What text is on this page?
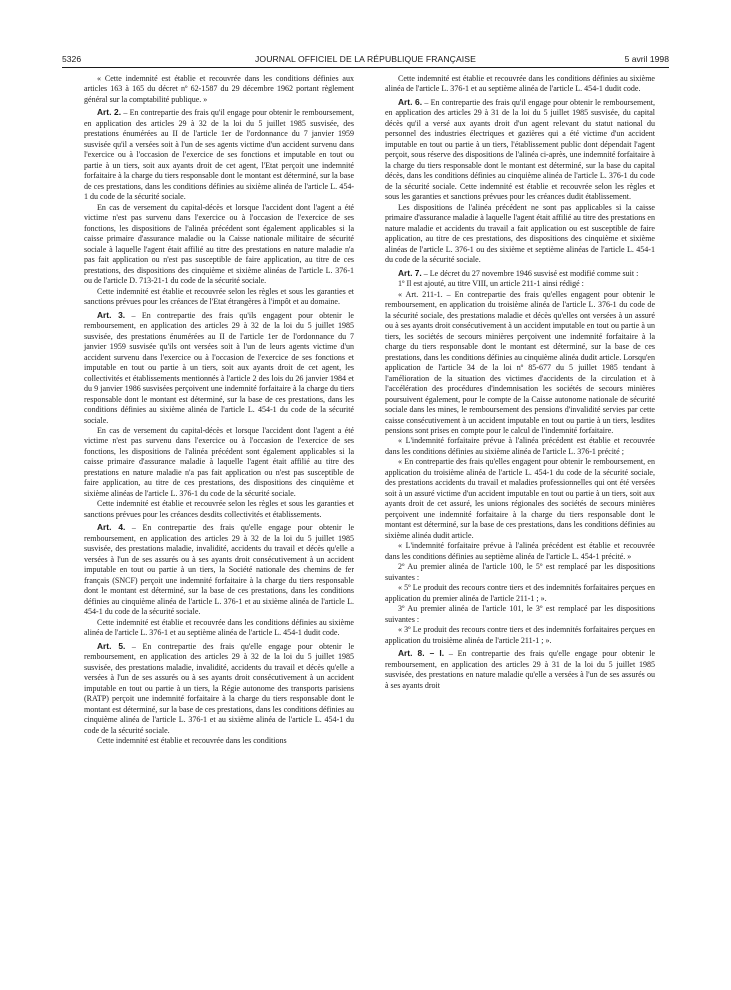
5326	JOURNAL OFFICIEL DE LA RÉPUBLIQUE FRANÇAISE	5 avril 1998

« Cette indemnité est établie et recouvrée dans les conditions définies aux articles 163 à 165 du décret nº 62-1587 du 29 décembre 1962 portant règlement général sur la comptabilité publique. »

Art. 2. – En contrepartie des frais qu'il engage pour obtenir le remboursement, en application des articles 29 à 32 de la loi du 5 juillet 1985 susvisée, des prestations énumérées au II de l'article 1er de l'ordonnance du 7 janvier 1959 susvisée qu'il a versées soit à l'un de ses agents victime d'un accident survenu dans l'exercice ou à l'occasion de l'exercice de ses fonctions et imputable en tout ou partie à un tiers, soit aux ayants droit de cet agent, l'Etat perçoit une indemnité forfaitaire à la charge du tiers responsable dont le montant est déterminé, sur la base de ces prestations, dans les conditions définies au sixième alinéa de l'article L. 454-1 du code de la sécurité sociale.

En cas de versement du capital-décès et lorsque l'accident dont l'agent a été victime n'est pas survenu dans l'exercice ou à l'occasion de l'exercice de ses fonctions, les dispositions de l'alinéa précédent sont également applicables si la caisse primaire d'assurance maladie ou la Caisse nationale militaire de sécurité sociale à laquelle l'agent était affilié au titre des prestations en nature maladie n'a pas fait application ou n'est pas susceptible de faire application, au titre de ces prestations, des dispositions des cinquième et sixième alinéas de l'article L. 376-1 ou de l'article D. 713-21-1 du code de la sécurité sociale.

Cette indemnité est établie et recouvrée selon les règles et sous les garanties et sanctions prévues pour les créances de l'Etat étrangères à l'impôt et au domaine.

Art. 3. – En contrepartie des frais qu'ils engagent pour obtenir le remboursement, en application des articles 29 à 32 de la loi du 5 juillet 1985 susvisée, des prestations énumérées au II de l'article 1er de l'ordonnance du 7 janvier 1959 susvisée qu'ils ont versées soit à l'un de leurs agents victime d'un accident survenu dans l'exercice ou à l'occasion de l'exercice de ses fonctions et imputable en tout ou partie à un tiers, soit aux ayants droit de cet agent, les collectivités et établissements mentionnés à l'article 2 des lois du 26 janvier 1984 et du 9 janvier 1986 susvisées perçoivent une indemnité forfaitaire à la charge du tiers responsable dont le montant est déterminé, sur la base de ces prestations, dans les conditions définies au sixième alinéa de l'article L. 454-1 du code de la sécurité sociale.

En cas de versement du capital-décès et lorsque l'accident dont l'agent a été victime n'est pas survenu dans l'exercice ou à l'occasion de l'exercice de ses fonctions, les dispositions de l'alinéa précédent sont également applicables si la caisse primaire d'assurance maladie à laquelle l'agent était affilié au titre des prestations en nature maladie n'a pas fait application ou n'est pas susceptible de faire application, au titre de ces prestations, des dispositions des cinquième et sixième alinéas de l'article L. 376-1 du code de la sécurité sociale.

Cette indemnité est établie et recouvrée selon les règles et sous les garanties et sanctions prévues pour les créances desdits collectivités et établissements.

Art. 4. – En contrepartie des frais qu'elle engage pour obtenir le remboursement, en application des articles 29 à 32 de la loi du 5 juillet 1985 susvisée, des prestations maladie, invalidité, accidents du travail et décès qu'elle a versées à l'un de ses assurés ou à ses ayants droit consécutivement à un accident imputable en tout ou partie à un tiers, la Société nationale des chemins de fer français (SNCF) perçoit une indemnité forfaitaire à la charge du tiers responsable dont le montant est déterminé, sur la base de ces prestations, dans les conditions définies au cinquième alinéa de l'article L. 376-1 et au sixième alinéa de l'article L. 454-1 du code de la sécurité sociale.

Cette indemnité est établie et recouvrée dans les conditions définies au sixième alinéa de l'article L. 376-1 et au septième alinéa de l'article L. 454-1 dudit code.

Art. 5. – En contrepartie des frais qu'elle engage pour obtenir le remboursement, en application des articles 29 à 32 de la loi du 5 juillet 1985 susvisée, des prestations maladie, invalidité, accidents du travail et décès qu'elle a versées à l'un de ses assurés ou à ses ayants droit consécutivement à un accident imputable en tout ou partie à un tiers, la Régie autonome des transports parisiens (RATP) perçoit une indemnité forfaitaire à la charge du tiers responsable dont le montant est déterminé, sur la base de ces prestations, dans les conditions définies au cinquième alinéa de l'article L. 376-1 et au sixième alinéa de l'article L. 454-1 du code de la sécurité sociale.

Cette indemnité est établie et recouvrée dans les conditions

Cette indemnité est établie et recouvrée dans les conditions définies au sixième alinéa de l'article L. 376-1 et au septième alinéa de l'article L. 454-1 dudit code.

Art. 6. – En contrepartie des frais qu'il engage pour obtenir le remboursement, en application des articles 29 à 31 de la loi du 5 juillet 1985 susvisée, du capital décès qu'il a versé aux ayants droit d'un agent relevant du statut national du personnel des industries électriques et gazières qui a été victime d'un accident imputable en tout ou partie à un tiers, l'établissement public dont dépendait l'agent perçoit, sous réserve des dispositions de l'alinéa ci-après, une indemnité forfaitaire à la charge du tiers responsable dont le montant est déterminé, sur la base du capital décès, dans les conditions définies au cinquième alinéa de l'article L. 376-1 du code de la sécurité sociale. Cette indemnité est établie et recouvrée selon les règles et sous les garanties et sanctions prévues pour les créances dudit établissement.

Les dispositions de l'alinéa précédent ne sont pas applicables si la caisse primaire d'assurance maladie à laquelle l'agent était affilié au titre des prestations en nature maladie et accidents du travail a fait application ou est susceptible de faire application, au titre de ces prestations, des dispositions des cinquième et sixième alinéas de l'article L. 376-1 ou des sixième et septième alinéas de l'article L. 454-1 du code de la sécurité sociale.

Art. 7. – Le décret du 27 novembre 1946 susvisé est modifié comme suit :

1º Il est ajouté, au titre VIII, un article 211-1 ainsi rédigé :

« Art. 211-1. – En contrepartie des frais qu'elles engagent pour obtenir le remboursement, en application du troisième alinéa de l'article L. 376-1 du code de la sécurité sociale, des prestations maladie et décès qu'elles ont versées à un assuré ou à ses ayants droit consécutivement à un accident imputable en tout ou partie à un tiers, les sociétés de secours minières perçoivent une indemnité forfaitaire à la charge du tiers responsable dont le montant est déterminé, sur la base de ces prestations, dans les conditions définies au cinquième alinéa dudit article. Lorsqu'en application de l'article 34 de la loi nº 85-677 du 5 juillet 1985 tendant à l'amélioration de la situation des victimes d'accidents de la circulation et à l'accélération des procédures d'indemnisation les sociétés de secours minières poursuivent également, pour le compte de la Caisse autonome nationale de sécurité sociale dans les mines, le remboursement des pensions d'invalidité servies par cette caisse consécutivement à un accident imputable en tout ou partie à un tiers, lesdites pensions sont prises en compte pour le calcul de l'indemnité forfaitaire.

« L'indemnité forfaitaire prévue à l'alinéa précédent est établie et recouvrée dans les conditions définies au sixième alinéa de l'article L. 376-1 précité ;

« En contrepartie des frais qu'elles engagent pour obtenir le remboursement, en application du troisième alinéa de l'article L. 454-1 du code de la sécurité sociale, des prestations accidents du travail et maladies professionnelles qui ont été versées soit à un assuré victime d'un accident imputable en tout ou partie à un tiers, soit aux ayants droit de cet assuré, les unions régionales des sociétés de secours minières perçoivent une indemnité forfaitaire à la charge du tiers responsable dont le montant est déterminé, sur la base de ces prestations, dans les conditions définies au sixième alinéa dudit article.

« L'indemnité forfaitaire prévue à l'alinéa précédent est établie et recouvrée dans les conditions définies au septième alinéa de l'article L. 454-1 précité. »

2º Au premier alinéa de l'article 100, le 5º est remplacé par les dispositions suivantes :

« 5º Le produit des recours contre tiers et des indemnités forfaitaires perçues en application du premier alinéa de l'article 211-1 ; ».

3º Au premier alinéa de l'article 101, le 3º est remplacé par les dispositions suivantes :

« 3º Le produit des recours contre tiers et des indemnités forfaitaires perçues en application du troisième alinéa de l'article 211-1 ; ».

Art. 8. – I. – En contrepartie des frais qu'elle engage pour obtenir le remboursement, en application des articles 29 à 31 de la loi du 5 juillet 1985 susvisée, des prestations en nature maladie qu'elle a versées à l'un de ses assurés ou à ses ayants droit
